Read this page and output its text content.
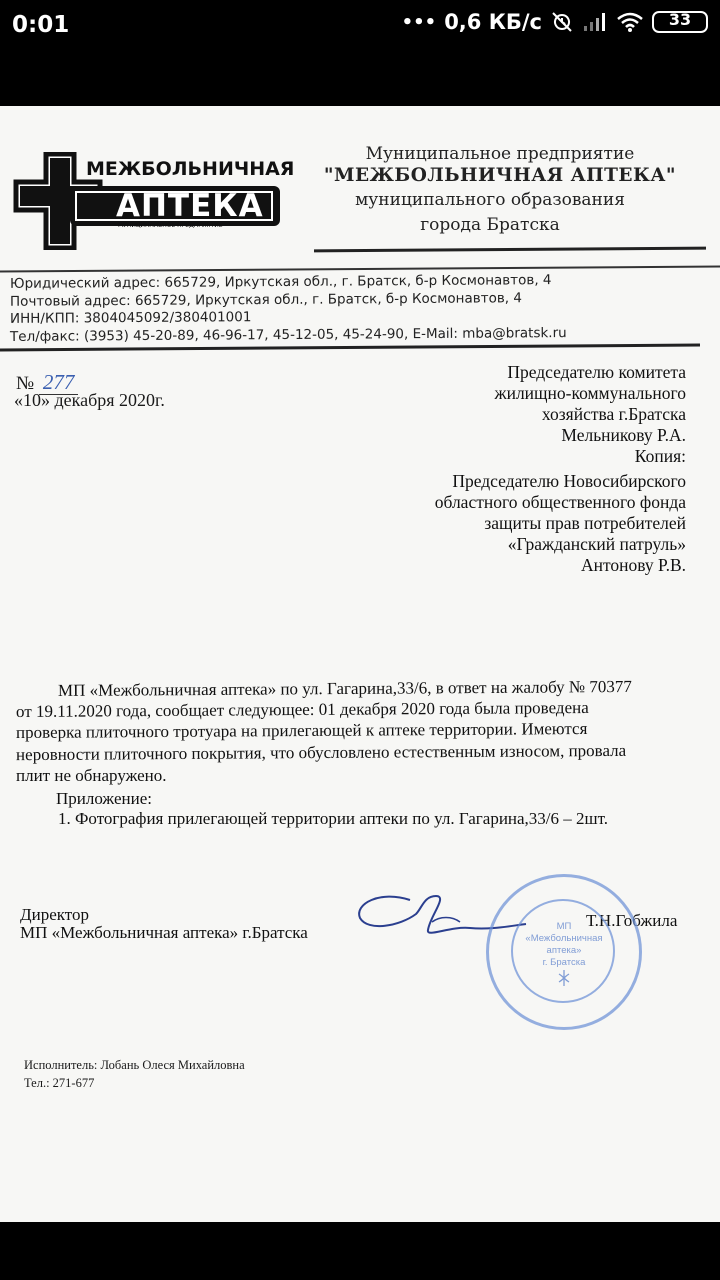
0:01	••• 0,6 КБ/с	33
МЕЖБОЛЬНИЧНАЯ
АПТЕКА
МУНИЦИПАЛЬНОЕ ПРЕДПРИЯТИЕ
Муниципальное предприятие
"МЕЖБОЛЬНИЧНАЯ АПТЕКА"
муниципального образования
города Братска
Юридический адрес: 665729, Иркутская обл., г. Братск, б-р Космонавтов, 4
Почтовый адрес: 665729, Иркутская обл., г. Братск, б-р Космонавтов, 4
ИНН/КПП: 3804045092/380401001
Тел/факс: (3953) 45-20-89, 46-96-17, 45-12-05, 45-24-90, E-Mail: mba@bratsk.ru
№ 277
«10» декабря 2020г.
Председателю комитета
жилищно-коммунального
хозяйства г.Братска
Мельникову Р.А.
Копия:
Председателю Новосибирского
областного общественного фонда
защиты прав потребителей
«Гражданский патруль»
Антонову Р.В.
МП «Межбольничная аптека» по ул. Гагарина,33/6, в ответ на жалобу № 70377
от 19.11.2020 года, сообщает следующее: 01 декабря 2020 года была проведена
проверка плиточного тротуара на прилегающей к аптеке территории. Имеются
неровности плиточного покрытия, что обусловлено естественным износом, провала
плит не обнаружено.
Приложение:
1. Фотография прилегающей территории аптеки по ул. Гагарина,33/6 – 2шт.
Директор
МП «Межбольничная аптека» г.Братска
Т.Н.Гобжила
МП
«Межбольничная
аптека»
г. Братска
Исполнитель: Лобань Олеся Михайловна
Тел.: 271-677
